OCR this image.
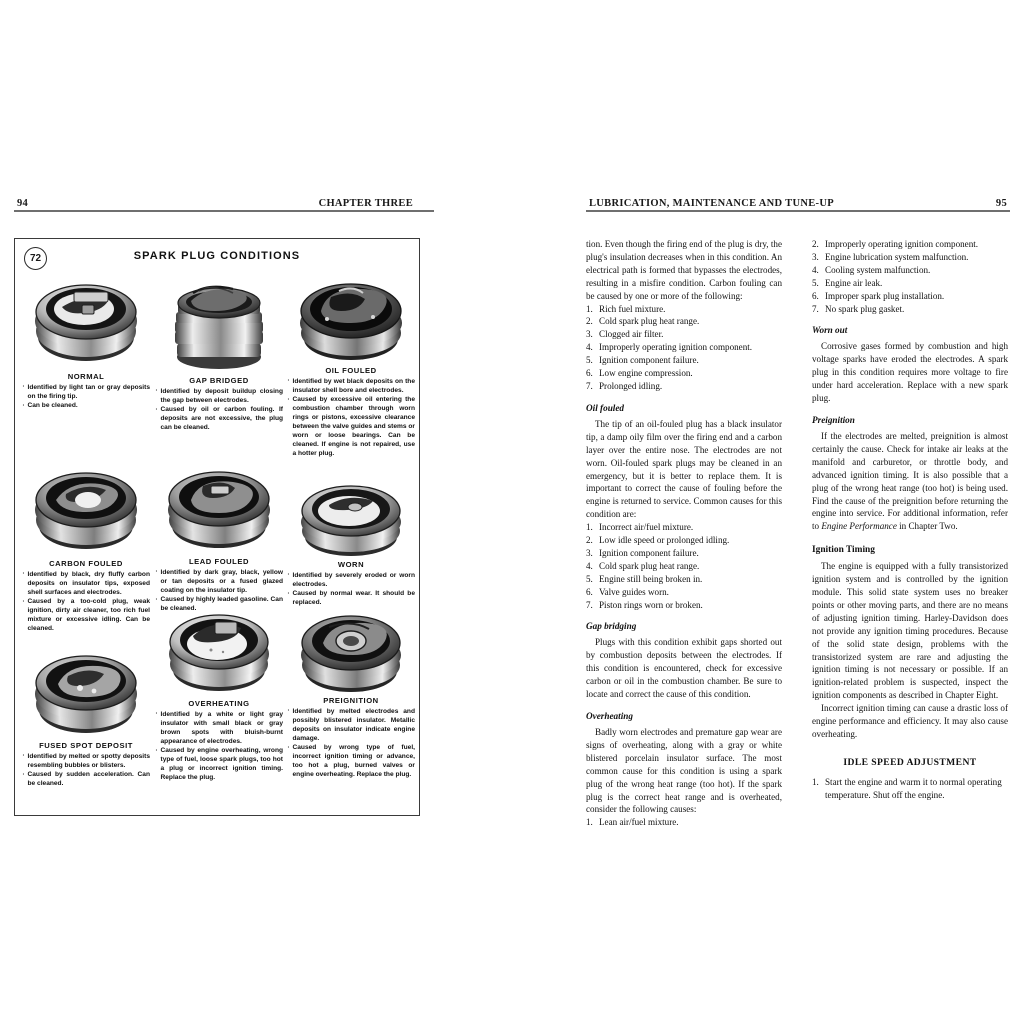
94	CHAPTER THREE
72	SPARK PLUG CONDITIONS
NORMAL
· Identified by light tan or gray deposits on the firing tip.
· Can be cleaned.
CARBON FOULED
· Identified by black, dry fluffy carbon deposits on insulator tips, exposed shell surfaces and electrodes.
· Caused by a too-cold plug, weak ignition, dirty air cleaner, too rich fuel mixture or excessive idling. Can be cleaned.
FUSED SPOT DEPOSIT
· Identified by melted or spotty deposits resembling bubbles or blisters.
· Caused by sudden acceleration. Can be cleaned.
GAP BRIDGED
· Identified by deposit buildup closing the gap between electrodes.
· Caused by oil or carbon fouling. If deposits are not excessive, the plug can be cleaned.
LEAD FOULED
· Identified by dark gray, black, yellow or tan deposits or a fused glazed coating on the insulator tip.
· Caused by highly leaded gasoline. Can be cleaned.
OVERHEATING
· Identified by a white or light gray insulator with small black or gray brown spots with bluish-burnt appearance of electrodes.
· Caused by engine overheating, wrong type of fuel, loose spark plugs, too hot a plug or incorrect ignition timing. Replace the plug.
OIL FOULED
· Identified by wet black deposits on the insulator shell bore and electrodes.
· Caused by excessive oil entering the combustion chamber through worn rings or pistons, excessive clearance between the valve guides and stems or worn or loose bearings. Can be cleaned. If engine is not repaired, use a hotter plug.
WORN
· Identified by severely eroded or worn electrodes.
· Caused by normal wear. It should be replaced.
PREIGNITION
· Identified by melted electrodes and possibly blistered insulator. Metallic deposits on insulator indicate engine damage.
· Caused by wrong type of fuel, incorrect ignition timing or advance, too hot a plug, burned valves or engine overheating. Replace the plug.
LUBRICATION, MAINTENANCE AND TUNE-UP	95

tion. Even though the firing end of the plug is dry, the plug's insulation decreases when in this condition. An electrical path is formed that bypasses the electrodes, resulting in a misfire condition. Carbon fouling can be caused by one or more of the following:

1. Rich fuel mixture.
2. Cold spark plug heat range.
3. Clogged air filter.
4. Improperly operating ignition component.
5. Ignition component failure.
6. Low engine compression.
7. Prolonged idling.
Oil fouled

The tip of an oil-fouled plug has a black insulator tip, a damp oily film over the firing end and a carbon layer over the entire nose. The electrodes are not worn. Oil-fouled spark plugs may be cleaned in an emergency, but it is better to replace them. It is important to correct the cause of fouling before the engine is returned to service. Common causes for this condition are:

1. Incorrect air/fuel mixture.
2. Low idle speed or prolonged idling.
3. Ignition component failure.
4. Cold spark plug heat range.
5. Engine still being broken in.
6. Valve guides worn.
7. Piston rings worn or broken.
Gap bridging

Plugs with this condition exhibit gaps shorted out by combustion deposits between the electrodes. If this condition is encountered, check for excessive carbon or oil in the combustion chamber. Be sure to locate and correct the cause of this condition.

Overheating

Badly worn electrodes and premature gap wear are signs of overheating, along with a gray or white blistered porcelain insulator surface. The most common cause for this condition is using a spark plug of the wrong heat range (too hot). If the spark plug is the correct heat range and is overheated, consider the following causes:

1. Lean air/fuel mixture.
2. Improperly operating ignition component.
3. Engine lubrication system malfunction.
4. Cooling system malfunction.
5. Engine air leak.
6. Improper spark plug installation.
7. No spark plug gasket.
Worn out

Corrosive gases formed by combustion and high voltage sparks have eroded the electrodes. A spark plug in this condition requires more voltage to fire under hard acceleration. Replace with a new spark plug.

Preignition

If the electrodes are melted, preignition is almost certainly the cause. Check for intake air leaks at the manifold and carburetor, or throttle body, and advanced ignition timing. It is also possible that a plug of the wrong heat range (too hot) is being used. Find the cause of the preignition before returning the engine into service. For additional information, refer to Engine Performance in Chapter Two.

Ignition Timing

The engine is equipped with a fully transistorized ignition system and is controlled by the ignition module. This solid state system uses no breaker points or other moving parts, and there are no means of adjusting ignition timing. Harley-Davidson does not provide any ignition timing procedures. Because of the solid state design, problems with the transistorized system are rare and adjusting the ignition timing is not necessary or possible. If an ignition-related problem is suspected, inspect the ignition components as described in Chapter Eight.

Incorrect ignition timing can cause a drastic loss of engine performance and efficiency. It may also cause overheating.

IDLE SPEED ADJUSTMENT
1. Start the engine and warm it to normal operating temperature. Shut off the engine.
